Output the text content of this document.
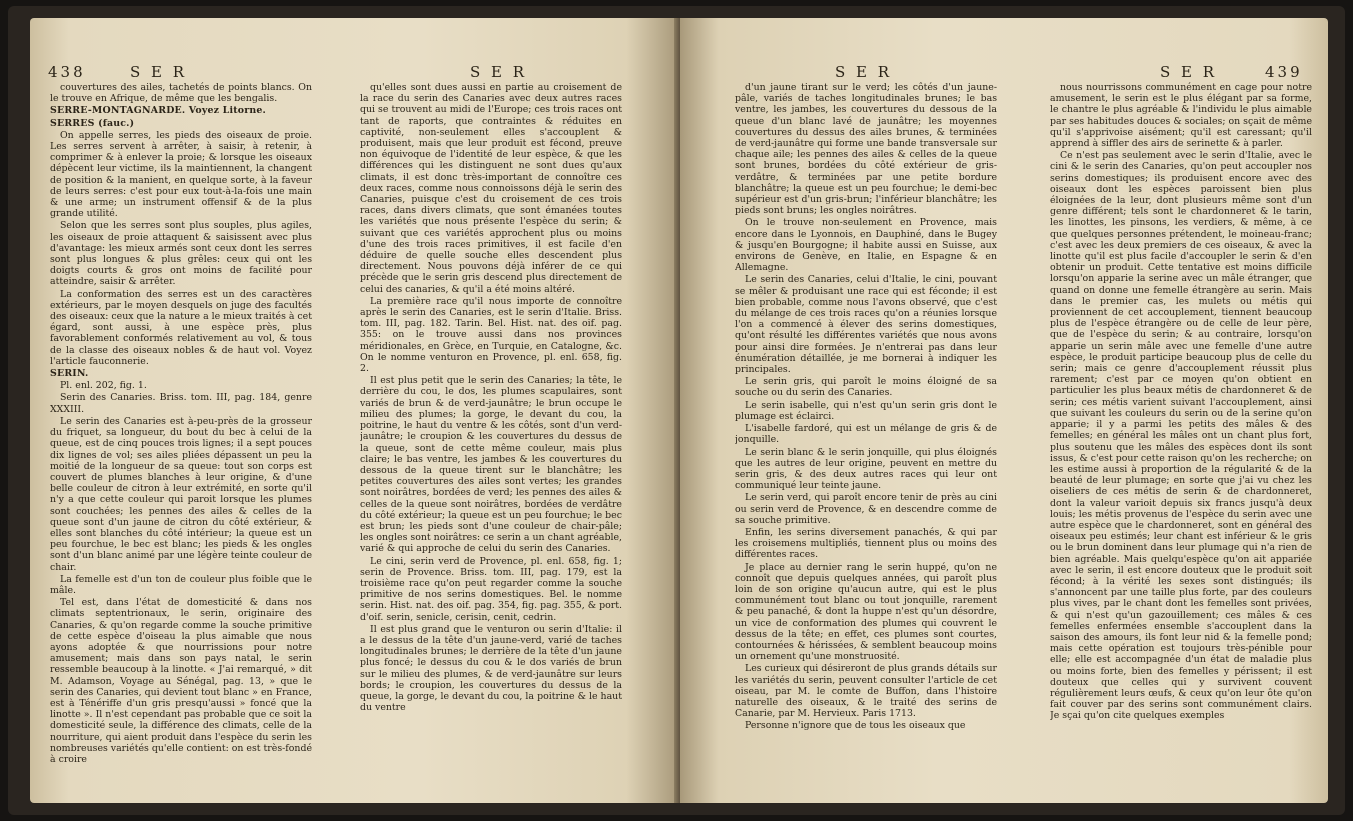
438	S E R	S E R

couvertures des ailes, tachetés de points blancs. On le trouve en Afrique, de même que les bengalis.

SERRE-MONTAGNARDE. Voyez Litorne.

SERRES (fauc.)

On appelle serres, les pieds des oiseaux de proie. Les serres servent à arrêter, à saisir, à retenir, à comprimer & à enlever la proie; & lorsque les oiseaux dépècent leur victime, ils la maintiennent, la changent de position & la manient, en quelque sorte, à la faveur de leurs serres: c'est pour eux tout-à-la-fois une main & une arme; un instrument offensif & de la plus grande utilité.

Selon que les serres sont plus souples, plus agiles, les oiseaux de proie attaquent & saisissent avec plus d'avantage: les mieux armés sont ceux dont les serres sont plus longues & plus grêles: ceux qui ont les doigts courts & gros ont moins de facilité pour atteindre, saisir & arrêter.

La conformation des serres est un des caractères extérieurs, par le moyen desquels on juge des facultés des oiseaux: ceux que la nature a le mieux traités à cet égard, sont aussi, à une espèce près, plus favorablement conformés relativement au vol, & tous de la classe des oiseaux nobles & de haut vol. Voyez l'article fauconnerie.

SERIN.

Pl. enl. 202, fig. 1.

Serin des Canaries. Briss. tom. III, pag. 184, genre XXXIII.

Le serin des Canaries est à-peu-près de la grosseur du friquet, sa longueur, du bout du bec à celui de la queue, est de cinq pouces trois lignes; il a sept pouces dix lignes de vol; ses ailes pliées dépassent un peu la moitié de la longueur de sa queue: tout son corps est couvert de plumes blanches à leur origine, & d'une belle couleur de citron à leur extrémité, en sorte qu'il n'y a que cette couleur qui paroit lorsque les plumes sont couchées; les pennes des ailes & celles de la queue sont d'un jaune de citron du côté extérieur, & elles sont blanches du côté intérieur; la queue est un peu fourchue, le bec est blanc; les pieds & les ongles sont d'un blanc animé par une légère teinte couleur de chair.

La femelle est d'un ton de couleur plus foible que le mâle.

Tel est, dans l'état de domesticité & dans nos climats septentrionaux, le serin, originaire des Canaries, & qu'on regarde comme la souche primitive de cette espèce d'oiseau la plus aimable que nous ayons adoptée & que nourrissions pour notre amusement; mais dans son pays natal, le serin ressemble beaucoup à la linotte. « J'ai remarqué, » dit M. Adamson, Voyage au Sénégal, pag. 13, » que le serin des Canaries, qui devient tout blanc » en France, est à Ténériffe d'un gris presqu'aussi » foncé que la linotte ». Il n'est cependant pas probable que ce soit la domesticité seule, la différence des climats, celle de la nourriture, qui aient produit dans l'espèce du serin les nombreuses variétés qu'elle contient: on est très-fondé à croire

qu'elles sont dues aussi en partie au croisement de la race du serin des Canaries avec deux autres races qui se trouvent au midi de l'Europe; ces trois races ont tant de raports, que contraintes & réduites en captivité, non-seulement elles s'accouplent & produisent, mais que leur produit est fécond, preuve non équivoque de l'identité de leur espèce, & que les différences qui les distinguent ne sont dues qu'aux climats, il est donc très-important de connoître ces deux races, comme nous connoissons déjà le serin des Canaries, puisque c'est du croisement de ces trois races, dans divers climats, que sont émanées toutes les variétés que nous présente l'espèce du serin; & suivant que ces variétés approchent plus ou moins d'une des trois races primitives, il est facile d'en déduire de quelle souche elles descendent plus directement. Nous pouvons déjà inférer de ce qui précède que le serin gris descend plus directement de celui des canaries, & qu'il a été moins altéré.

La première race qu'il nous importe de connoître après le serin des Canaries, est le serin d'Italie. Briss. tom. III, pag. 182. Tarin. Bel. Hist. nat. des oif. pag. 355: on le trouve aussi dans nos provinces méridionales, en Grèce, en Turquie, en Catalogne, &c. On le nomme venturon en Provence, pl. enl. 658, fig. 2.

Il est plus petit que le serin des Canaries; la tête, le derrière du cou, le dos, les plumes scapulaires, sont variés de brun & de verd-jaunâtre; le brun occupe le milieu des plumes; la gorge, le devant du cou, la poitrine, le haut du ventre & les côtés, sont d'un verd-jaunâtre; le croupion & les couvertures du dessus de la queue, sont de cette même couleur, mais plus claire; le bas ventre, les jambes & les couvertures du dessous de la queue tirent sur le blanchâtre; les petites couvertures des ailes sont vertes; les grandes sont noirâtres, bordées de verd; les pennes des ailes & celles de la queue sont noirâtres, bordées de verdâtre du côté extérieur; la queue est un peu fourchue; le bec est brun; les pieds sont d'une couleur de chair-pâle; les ongles sont noirâtres: ce serin a un chant agréable, varié & qui approche de celui du serin des Canaries.

Le cini, serin verd de Provence, pl. enl. 658, fig. 1; serin de Provence. Briss. tom. III, pag. 179, est la troisième race qu'on peut regarder comme la souche primitive de nos serins domestiques. Bel. le nomme serin. Hist. nat. des oif. pag. 354, fig. pag. 355, & port. d'oif. serin, senicle, cerisin, cenit, cedrin.

Il est plus grand que le venturon ou serin d'Italie: il a le dessus de la tête d'un jaune-verd, varié de taches longitudinales brunes; le derrière de la tête d'un jaune plus foncé; le dessus du cou & le dos variés de brun sur le milieu des plumes, & de verd-jaunâtre sur leurs bords; le croupion, les couvertures du dessus de la queue, la gorge, le devant du cou, la poitrine & le haut du ventre

S E R	S E R	439

d'un jaune tirant sur le verd; les côtés d'un jaune-pâle, variés de taches longitudinales brunes; le bas ventre, les jambes, les couvertures du dessous de la queue d'un blanc lavé de jaunâtre; les moyennes couvertures du dessus des ailes brunes, & terminées de verd-jaunâtre qui forme une bande transversale sur chaque aile; les pennes des ailes & celles de la queue sont brunes, bordées du côté extérieur de gris-verdâtre, & terminées par une petite bordure blanchâtre; la queue est un peu fourchue; le demi-bec supérieur est d'un gris-brun; l'inférieur blanchâtre; les pieds sont bruns; les ongles noirâtres.

On le trouve non-seulement en Provence, mais encore dans le Lyonnois, en Dauphiné, dans le Bugey & jusqu'en Bourgogne; il habite aussi en Suisse, aux environs de Genève, en Italie, en Espagne & en Allemagne.

Le serin des Canaries, celui d'Italie, le cini, pouvant se mêler & produisant une race qui est féconde; il est bien probable, comme nous l'avons observé, que c'est du mélange de ces trois races qu'on a réunies lorsque l'on a commencé à élever des serins domestiques, qu'ont résulté les différentes variétés que nous avons pour ainsi dire formées. Je n'entrerai pas dans leur énumération détaillée, je me bornerai à indiquer les principales.

Le serin gris, qui paroît le moins éloigné de sa souche ou du serin des Canaries.

Le serin isabelle, qui n'est qu'un serin gris dont le plumage est éclairci.

L'isabelle fardoré, qui est un mélange de gris & de jonquille.

Le serin blanc & le serin jonquille, qui plus éloignés que les autres de leur origine, peuvent en mettre du serin gris, & des deux autres races qui leur ont communiqué leur teinte jaune.

Le serin verd, qui paroît encore tenir de près au cini ou serin verd de Provence, & en descendre comme de sa souche primitive.

Enfin, les serins diversement panachés, & qui par les croisemens multipliés, tiennent plus ou moins des différentes races.

Je place au dernier rang le serin huppé, qu'on ne connoît que depuis quelques années, qui paroît plus loin de son origine qu'aucun autre, qui est le plus communément tout blanc ou tout jonquille, rarement & peu panaché, & dont la huppe n'est qu'un désordre, un vice de conformation des plumes qui couvrent le dessus de la tête; en effet, ces plumes sont courtes, contournées & hérissées, & semblent beaucoup moins un ornement qu'une monstruosité.

Les curieux qui désireront de plus grands détails sur les variétés du serin, peuvent consulter l'article de cet oiseau, par M. le comte de Buffon, dans l'histoire naturelle des oiseaux, & le traité des serins de Canarie, par M. Hervieux. Paris 1713.

Personne n'ignore que de tous les oiseaux que

nous nourrissons communément en cage pour notre amusement, le serin est le plus élégant par sa forme, le chantre le plus agréable & l'individu le plus aimable par ses habitudes douces & sociales; on sçait de même qu'il s'apprivoise aisément; qu'il est caressant; qu'il apprend à siffler des airs de serinette & à parler.

Ce n'est pas seulement avec le serin d'Italie, avec le cini & le serin des Canaries, qu'on peut accoupler nos serins domestiques; ils produisent encore avec des oiseaux dont les espèces paroissent bien plus éloignées de la leur, dont plusieurs même sont d'un genre différent; tels sont le chardonneret & le tarin, les linottes, les pinsons, les verdiers, & même, à ce que quelques personnes prétendent, le moineau-franc; c'est avec les deux premiers de ces oiseaux, & avec la linotte qu'il est plus facile d'accoupler le serin & d'en obtenir un produit. Cette tentative est moins difficile lorsqu'on apparie la serine avec un mâle étranger, que quand on donne une femelle étrangère au serin. Mais dans le premier cas, les mulets ou métis qui proviennent de cet accouplement, tiennent beaucoup plus de l'espèce étrangère ou de celle de leur père, que de l'espèce du serin; & au contraire, lorsqu'on apparie un serin mâle avec une femelle d'une autre espèce, le produit participe beaucoup plus de celle du serin; mais ce genre d'accouplement réussit plus rarement; c'est par ce moyen qu'on obtient en particulier les plus beaux métis de chardonneret & de serin; ces métis varient suivant l'accouplement, ainsi que suivant les couleurs du serin ou de la serine qu'on apparie; il y a parmi les petits des mâles & des femelles; en général les mâles ont un chant plus fort, plus soutenu que les mâles des espèces dont ils sont issus, & c'est pour cette raison qu'on les recherche; on les estime aussi à proportion de la régularité & de la beauté de leur plumage; en sorte que j'ai vu chez les oiseliers de ces métis de serin & de chardonneret, dont la valeur varioit depuis six francs jusqu'à deux louis; les métis provenus de l'espèce du serin avec une autre espèce que le chardonneret, sont en général des oiseaux peu estimés; leur chant est inférieur & le gris ou le brun dominent dans leur plumage qui n'a rien de bien agréable. Mais quelqu'espèce qu'on ait appariée avec le serin, il est encore douteux que le produit soit fécond; à la vérité les sexes sont distingués; ils s'annoncent par une taille plus forte, par des couleurs plus vives, par le chant dont les femelles sont privées, & qui n'est qu'un gazouillement; ces mâles & ces femelles enfermées ensemble s'accouplent dans la saison des amours, ils font leur nid & la femelle pond; mais cette opération est toujours très-pénible pour elle; elle est accompagnée d'un état de maladie plus ou moins forte, bien des femelles y périssent; il est douteux que celles qui y survivent couvent régulièrement leurs œufs, & ceux qu'on leur ôte qu'on fait couver par des serins sont communément clairs. Je sçai qu'on cite quelques exemples
